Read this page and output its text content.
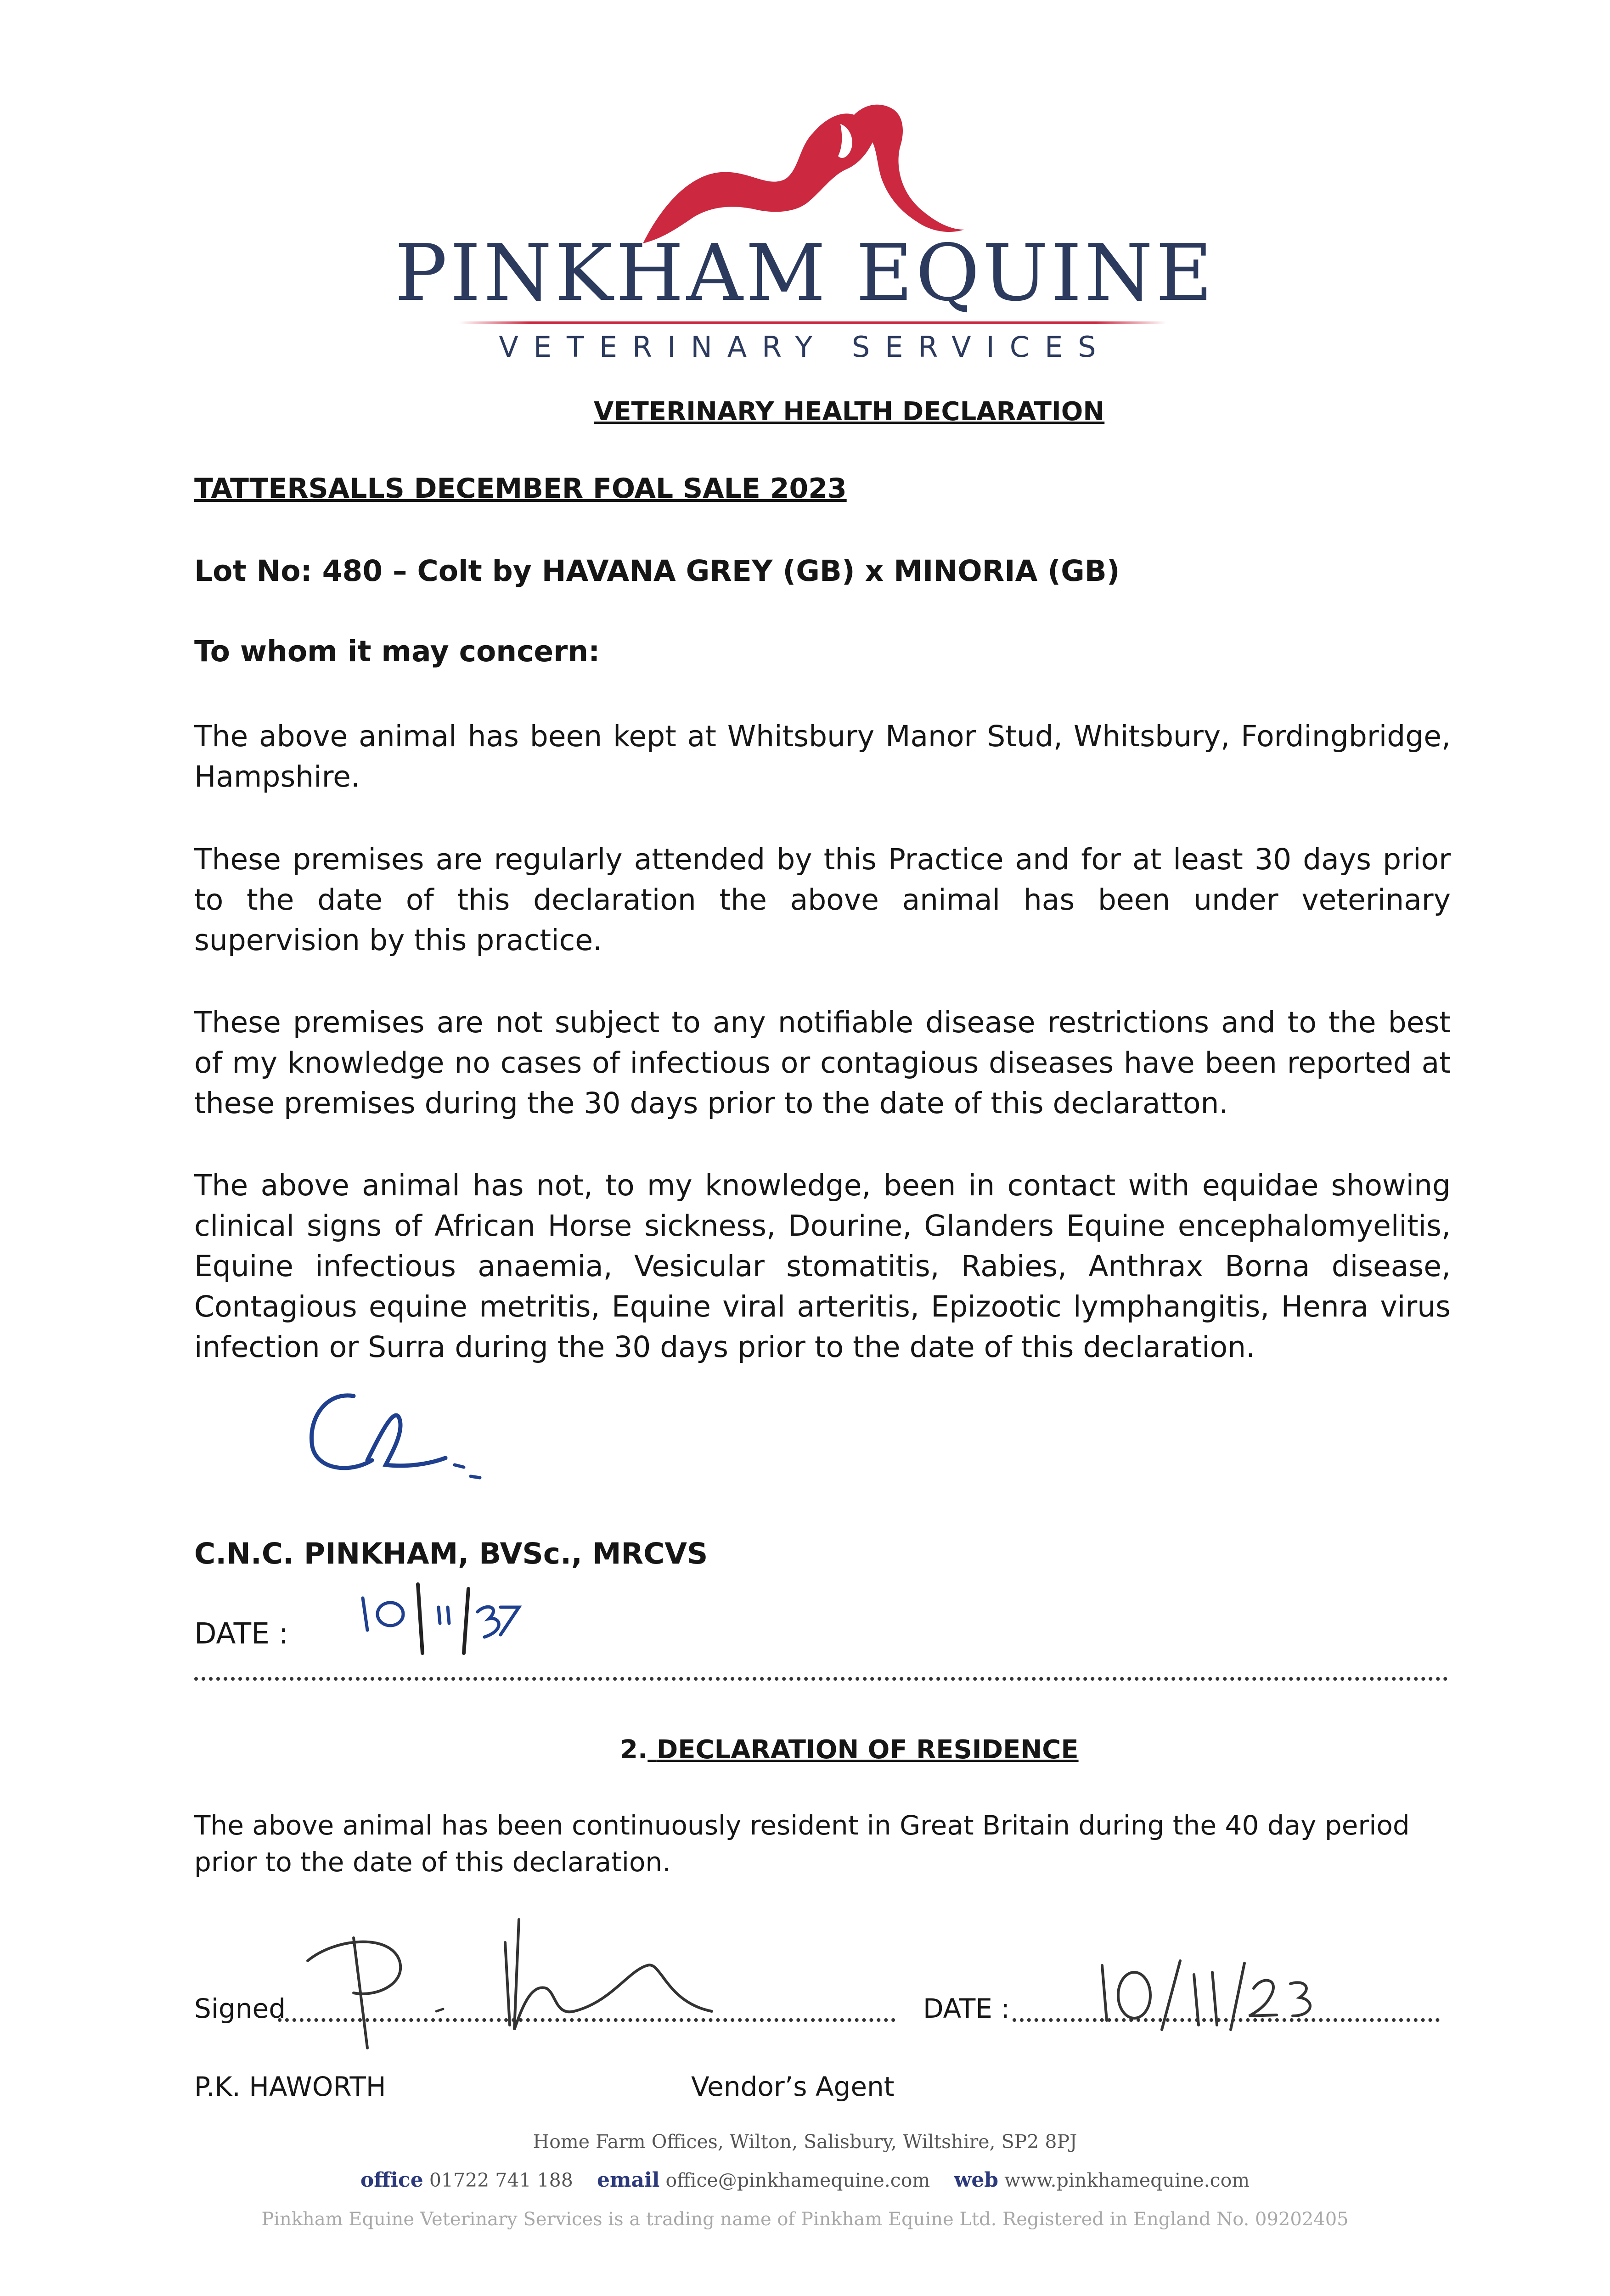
PINKHAM EQUINE
VETERINARY SERVICES
VETERINARY HEALTH DECLARATION
TATTERSALLS DECEMBER FOAL SALE 2023
Lot No: 480 – Colt by HAVANA GREY (GB) x MINORIA (GB)
To whom it may concern:
The above animal has been kept at Whitsbury Manor Stud, Whitsbury, Fordingbridge, Hampshire.
These premises are regularly attended by this Practice and for at least 30 days prior to the date of this declaration the above animal has been under veterinary supervision by this practice.
These premises are not subject to any notifiable disease restrictions and to the best of my knowledge no cases of infectious or contagious diseases have been reported at these premises during the 30 days prior to the date of this declaratton.
The above animal has not, to my knowledge, been in contact with equidae showing clinical signs of African Horse sickness, Dourine, Glanders Equine encephalomyelitis, Equine infectious anaemia, Vesicular stomatitis, Rabies, Anthrax Borna disease, Contagious equine metritis, Equine viral arteritis, Epizootic lymphangitis, Henra virus infection or Surra during the 30 days prior to the date of this declaration.
C.N.C. PINKHAM, BVSc., MRCVS
DATE :
2. DECLARATION OF RESIDENCE
The above animal has been continuously resident in Great Britain during the 40 day period prior to the date of this declaration.
Signed	DATE :
P.K. HAWORTH	Vendor’s Agent
Home Farm Offices, Wilton, Salisbury, Wiltshire, SP2 8PJ
office 01722 741 188 email office@pinkhamequine.com web www.pinkhamequine.com
Pinkham Equine Veterinary Services is a trading name of Pinkham Equine Ltd. Registered in England No. 09202405
